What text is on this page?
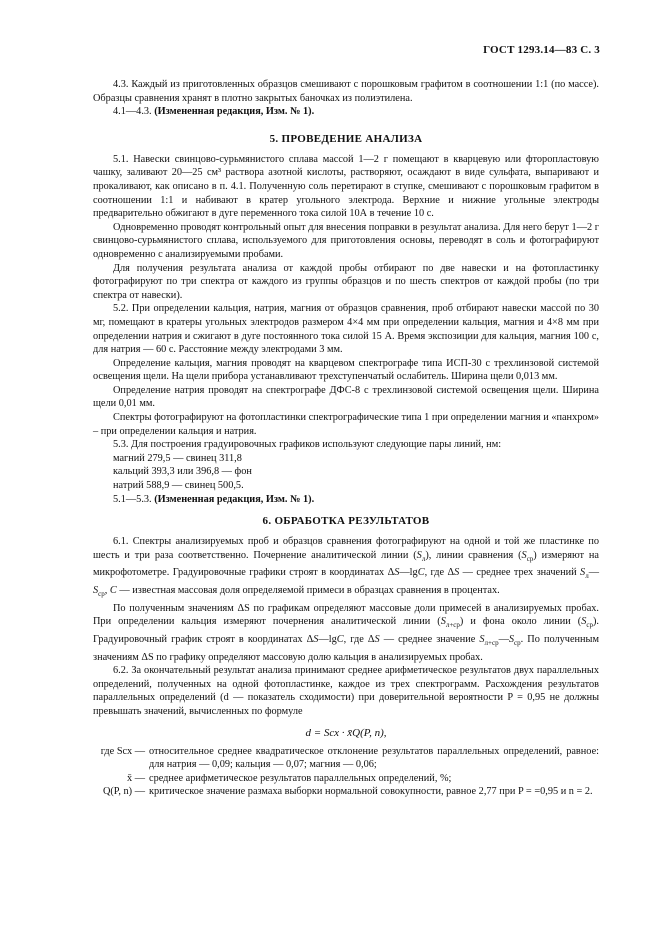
ГОСТ 1293.14—83 С. 3

4.3. Каждый из приготовленных образцов смешивают с порошковым графитом в соотношении 1:1 (по массе). Образцы сравнения хранят в плотно закрытых баночках из полиэтилена.

4.1—4.3. (Измененная редакция, Изм. № 1).

5. ПРОВЕДЕНИЕ АНАЛИЗА

5.1. Навески свинцово-сурьмянистого сплава массой 1—2 г помещают в кварцевую или фторопластовую чашку, заливают 20—25 см³ раствора азотной кислоты, растворяют, осаждают в виде сульфата, выпаривают и прокаливают, как описано в п. 4.1. Полученную соль перетирают в ступке, смешивают с порошковым графитом в соотношении 1:1 и набивают в кратер угольного электрода. Верхние и нижние угольные электроды предварительно обжигают в дуге переменного тока силой 10А в течение 10 с.

Одновременно проводят контрольный опыт для внесения поправки в результат анализа. Для него берут 1—2 г свинцово-сурьмянистого сплава, используемого для приготовления основы, переводят в соль и фотографируют одновременно с анализируемыми пробами.

Для получения результата анализа от каждой пробы отбирают по две навески и на фотопластинку фотографируют по три спектра от каждого из группы образцов и по шесть спектров от каждой пробы (по три спектра от навески).

5.2. При определении кальция, натрия, магния от образцов сравнения, проб отбирают навески массой по 30 мг, помещают в кратеры угольных электродов размером 4×4 мм при определении кальция, магния и 4×8 мм при определении натрия и сжигают в дуге постоянного тока силой 15 А. Время экспозиции для кальция, магния 100 с, для натрия — 60 с. Расстояние между электродами 3 мм.

Определение кальция, магния проводят на кварцевом спектрографе типа ИСП-30 с трехлинзовой системой освещения щели. На щели прибора устанавливают трехступенчатый ослабитель. Ширина щели 0,013 мм.

Определение натрия проводят на спектрографе ДФС-8 с трехлинзовой системой освещения щели. Ширина щели 0,01 мм.

Спектры фотографируют на фотопластинки спектрографические типа 1 при определении магния и «панхром» – при определении кальция и натрия.

5.3. Для построения градуировочных графиков используют следующие пары линий, нм:

магний 279,5 — свинец 311,8

кальций 393,3 или 396,8 — фон

натрий 588,9 — свинец 500,5.

5.1—5.3. (Измененная редакция, Изм. № 1).

6. ОБРАБОТКА РЕЗУЛЬТАТОВ

6.1. Спектры анализируемых проб и образцов сравнения фотографируют на одной и той же пластинке по шесть и три раза соответственно. Почернение аналитической линии $(S_л)$, линии сравнения $(S_{ср})$ измеряют на микрофотометре. Градуировочные графики строят в координатах ΔS—lgC, где ΔS — среднее трех значений $S_л—S_{ср}$, C — известная массовая доля определяемой примеси в образцах сравнения в процентах.

По полученным значениям ΔS по графикам определяют массовые доли примесей в анализируемых пробах. При определении кальция измеряют почернения аналитической линии $(S_{л+ср})$ и фона около линии $(S_{ср})$. Градуировочный график строят в координатах ΔS—lgC, где ΔS — среднее значение $S_{л+ср}—S_{ср}$. По полученным значениям ΔS по графику определяют массовую долю кальция в анализируемых пробах.

6.2. За окончательный результат анализа принимают среднее арифметическое результатов двух параллельных определений, полученных на одной фотопластинке, каждое из трех спектрограмм. Расхождения результатов параллельных определений (d — показатель сходимости) при доверительной вероятности P = 0,95 не должны превышать значений, вычисленных по формуле

d = Sсх · x̄Q(P, n),
где Sсх — относительное среднее квадратическое отклонение результатов параллельных определений, равное: для натрия — 0,09; кальция — 0,07; магния — 0,06;
x̄ — среднее арифметическое результатов параллельных определений, %;
Q(P, n) — критическое значение размаха выборки нормальной совокупности, равное 2,77 при P = =0,95 и n = 2.
